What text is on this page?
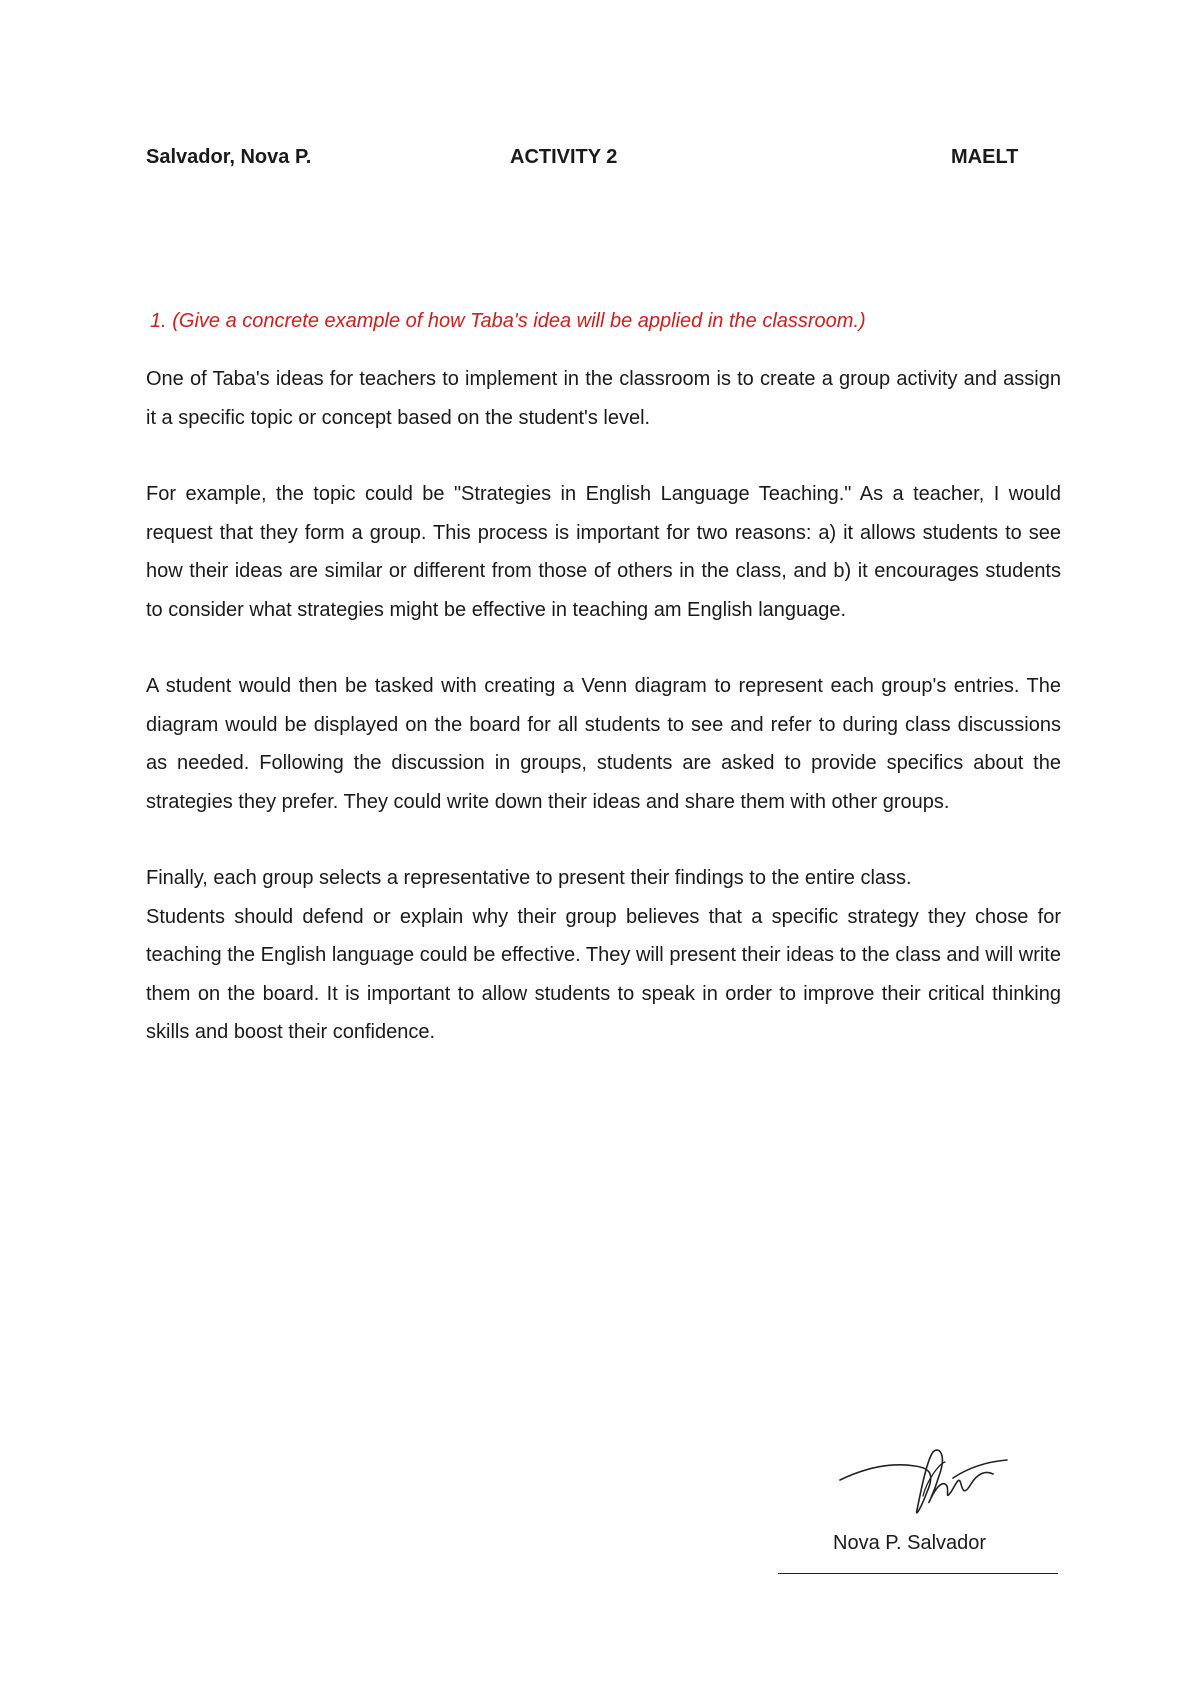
Salvador, Nova P.	ACTIVITY 2	MAELT
1. (Give a concrete example of how Taba's idea will be applied in the classroom.)

One of Taba's ideas for teachers to implement in the classroom is to create a group activity and assign it a specific topic or concept based on the student's level.

For example, the topic could be "Strategies in English Language Teaching." As a teacher, I would request that they form a group. This process is important for two reasons: a) it allows students to see how their ideas are similar or different from those of others in the class, and b) it encourages students to consider what strategies might be effective in teaching am English language.

A student would then be tasked with creating a Venn diagram to represent each group's entries. The diagram would be displayed on the board for all students to see and refer to during class discussions as needed. Following the discussion in groups, students are asked to provide specifics about the strategies they prefer. They could write down their ideas and share them with other groups.

Finally, each group selects a representative to present their findings to the entire class.

Students should defend or explain why their group believes that a specific strategy they chose for teaching the English language could be effective. They will present their ideas to the class and will write them on the board. It is important to allow students to speak in order to improve their critical thinking skills and boost their confidence.

Nova P. Salvador
